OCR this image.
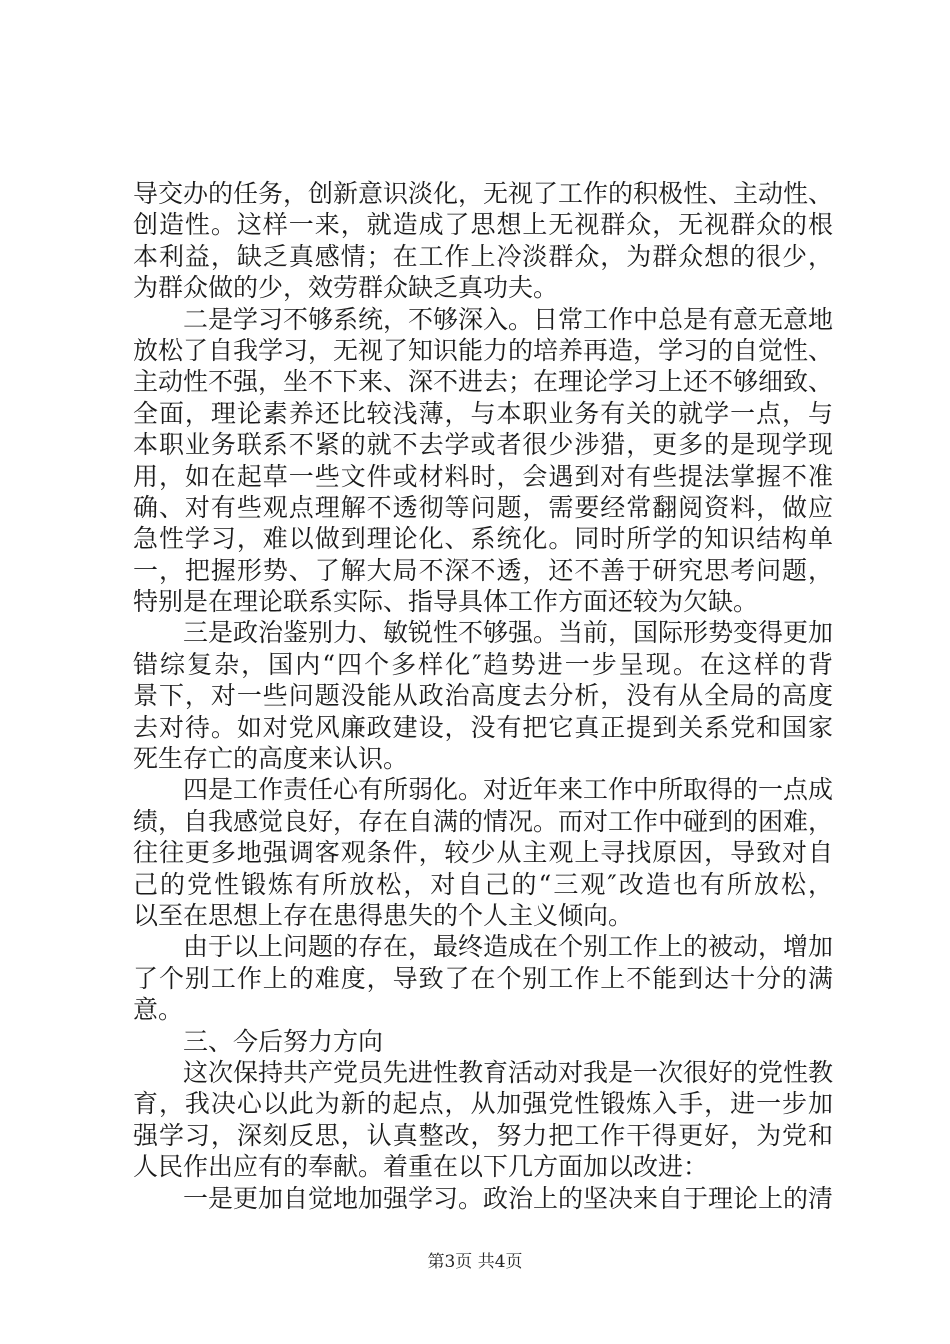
导交办的任务，创新意识淡化，无视了工作的积极性、主动性、
创造性。这样一来，就造成了思想上无视群众，无视群众的根
本利益，缺乏真感情；在工作上冷淡群众，为群众想的很少，
为群众做的少，效劳群众缺乏真功夫。
二是学习不够系统，不够深入。日常工作中总是有意无意地
放松了自我学习，无视了知识能力的培养再造，学习的自觉性、
主动性不强，坐不下来、深不进去；在理论学习上还不够细致、
全面，理论素养还比较浅薄，与本职业务有关的就学一点，与
本职业务联系不紧的就不去学或者很少涉猎，更多的是现学现
用，如在起草一些文件或材料时，会遇到对有些提法掌握不准
确、对有些观点理解不透彻等问题，需要经常翻阅资料，做应
急性学习，难以做到理论化、系统化。同时所学的知识结构单
一，把握形势、了解大局不深不透，还不善于研究思考问题，
特别是在理论联系实际、指导具体工作方面还较为欠缺。
三是政治鉴别力、敏锐性不够强。当前，国际形势变得更加
错综复杂，国内“四个多样化″趋势进一步呈现。在这样的背
景下，对一些问题没能从政治高度去分析，没有从全局的高度
去对待。如对党风廉政建设，没有把它真正提到关系党和国家
死生存亡的高度来认识。
四是工作责任心有所弱化。对近年来工作中所取得的一点成
绩，自我感觉良好，存在自满的情况。而对工作中碰到的困难，
往往更多地强调客观条件，较少从主观上寻找原因，导致对自
己的党性锻炼有所放松，对自己的“三观″改造也有所放松，
以至在思想上存在患得患失的个人主义倾向。
由于以上问题的存在，最终造成在个别工作上的被动，增加
了个别工作上的难度，导致了在个别工作上不能到达十分的满
意。
三、今后努力方向
这次保持共产党员先进性教育活动对我是一次很好的党性教
育，我决心以此为新的起点，从加强党性锻炼入手，进一步加
强学习，深刻反思，认真整改，努力把工作干得更好，为党和
人民作出应有的奉献。着重在以下几方面加以改进：
一是更加自觉地加强学习。政治上的坚决来自于理论上的清
第3页 共4页
